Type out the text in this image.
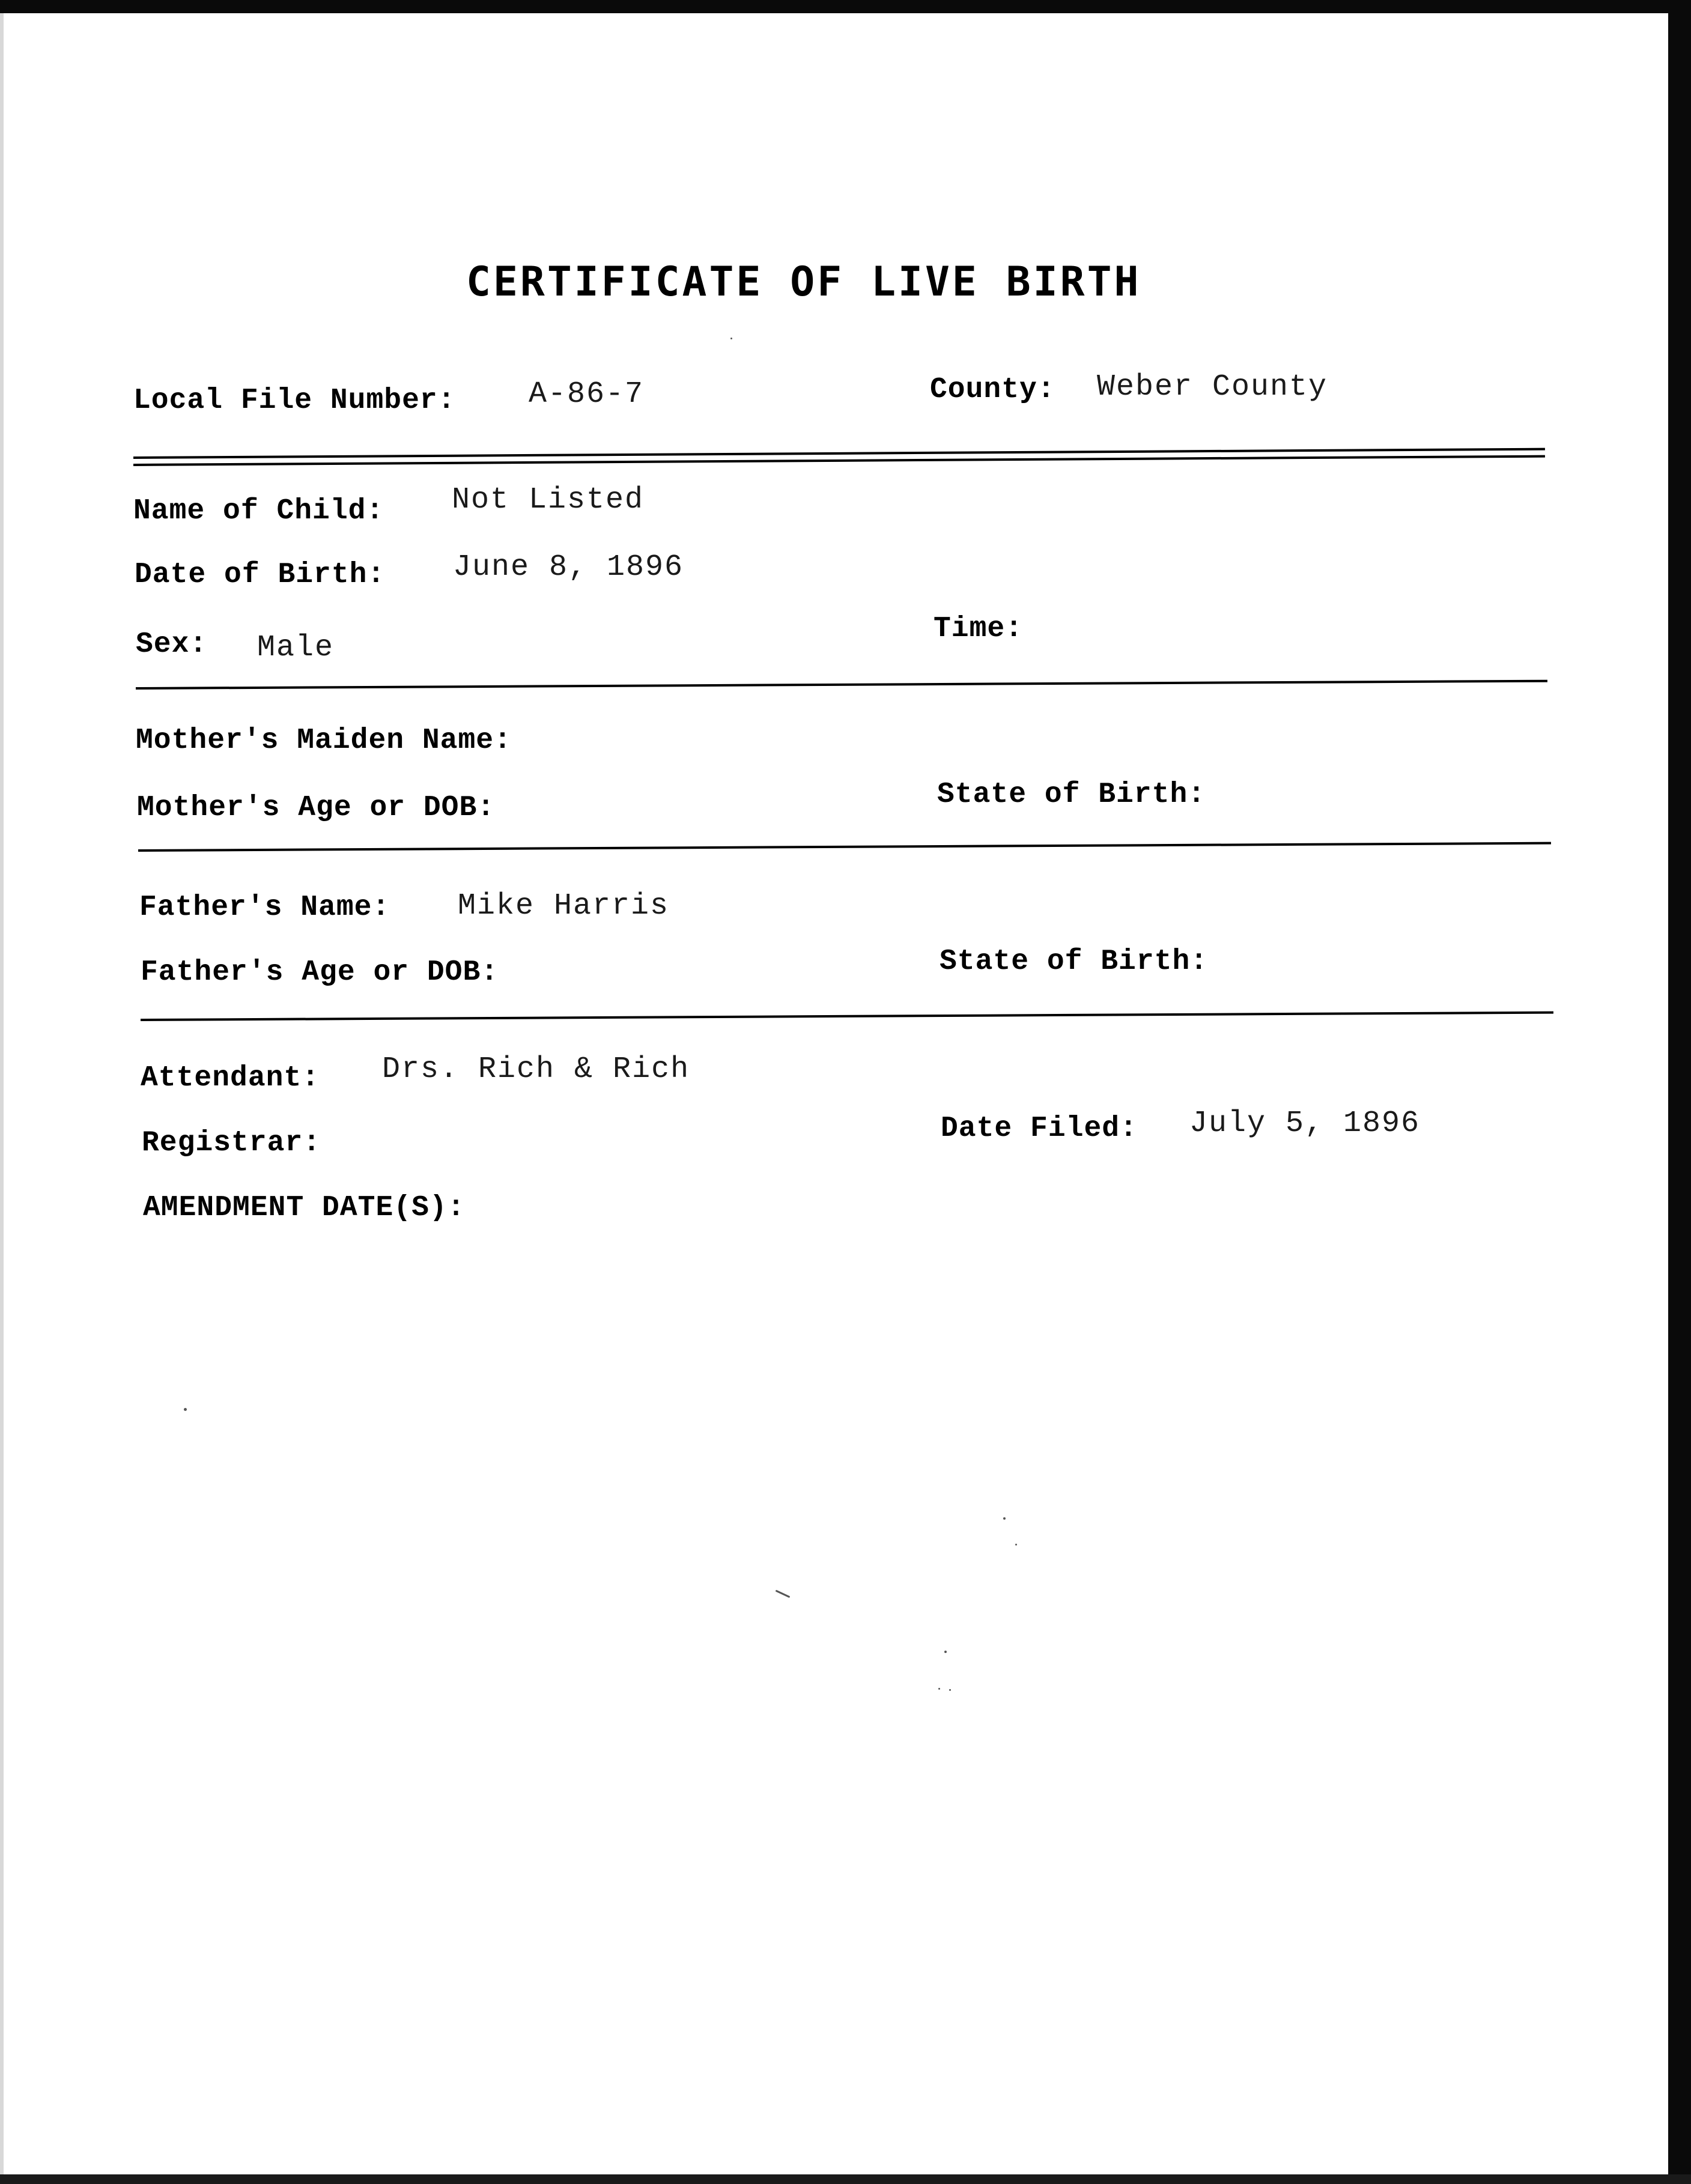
CERTIFICATE OF LIVE BIRTH
Local File Number: A-86-7	County: Weber County
Name of Child: Not Listed
Date of Birth: June 8, 1896
Sex: Male
Time:
Mother's Maiden Name:
Mother's Age or DOB:	State of Birth:
Father's Name: Mike Harris
Father's Age or DOB:	State of Birth:
Attendant: Drs. Rich & Rich
Registrar:	Date Filed: July 5, 1896
AMENDMENT DATE(S):
